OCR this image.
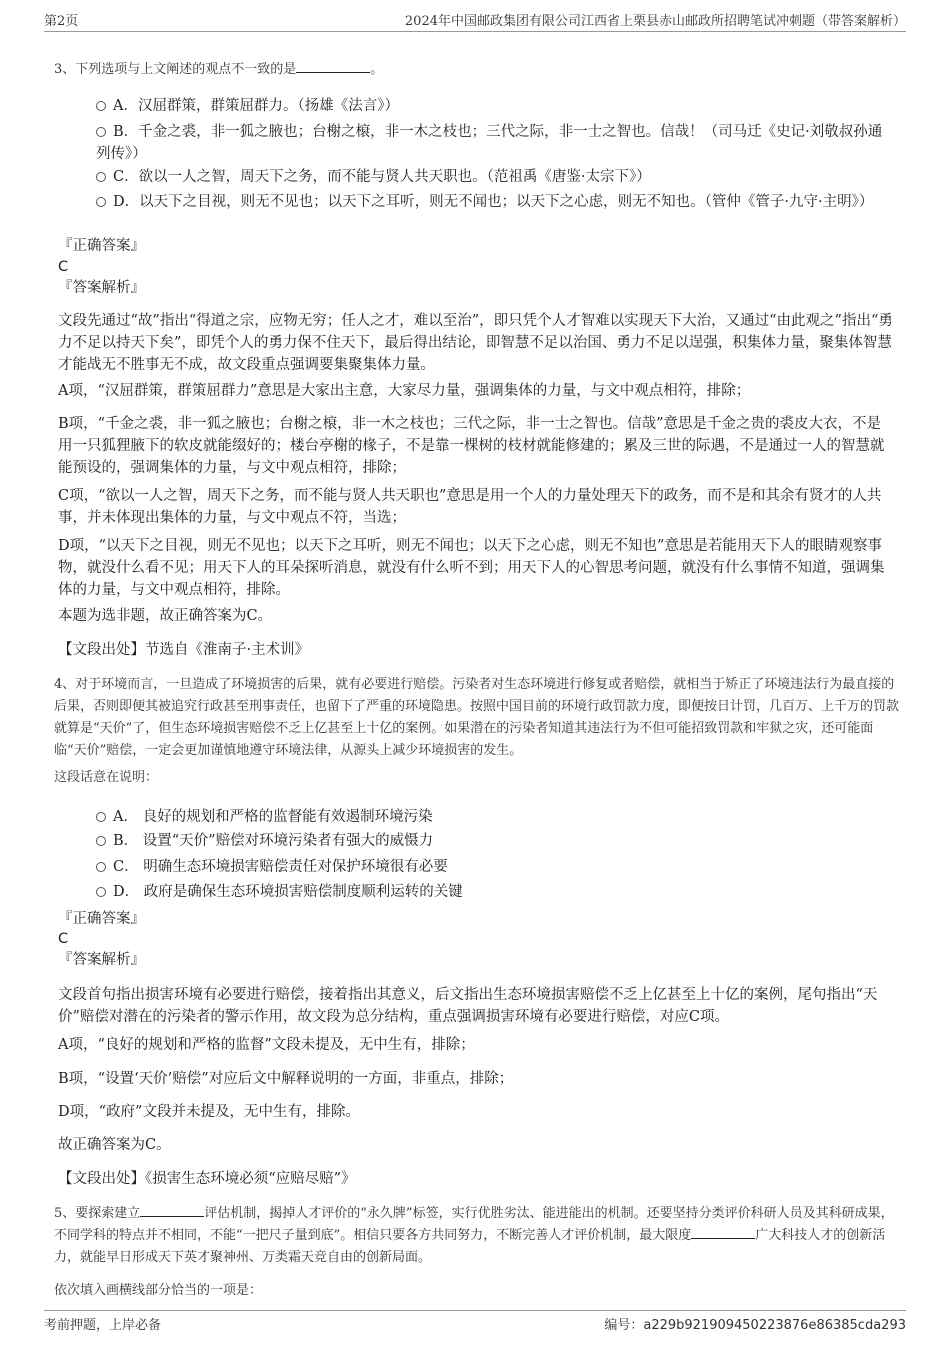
第2页	2024年中国邮政集团有限公司江西省上栗县赤山邮政所招聘笔试冲刺题（带答案解析）
3、下列选项与上文阐述的观点不一致的是	。
A．汉屈群策，群策屈群力。（扬雄《法言》）
B．千金之裘，非一狐之腋也；台榭之榱，非一木之枝也；三代之际，非一士之智也。信哉！（司马迁《史记·刘敬叔孙通列传》）
C．欲以一人之智，周天下之务，而不能与贤人共天职也。（范祖禹《唐鉴·太宗下》）
D．以天下之目视，则无不见也；以天下之耳听，则无不闻也；以天下之心虑，则无不知也。（管仲《管子·九守·主明》）
『正确答案』
C
『答案解析』
文段先通过“故”指出“得道之宗，应物无穷；任人之才，难以至治”，即只凭个人才智难以实现天下大治，又通过“由此观之”指出“勇力不足以持天下矣”，即凭个人的勇力保不住天下，最后得出结论，即智慧不足以治国、勇力不足以逞强，积集体力量，聚集体智慧才能战无不胜事无不成，故文段重点强调要集聚集体力量。
A项，“汉屈群策，群策屈群力”意思是大家出主意，大家尽力量，强调集体的力量，与文中观点相符，排除；
B项，“千金之裘，非一狐之腋也；台榭之榱，非一木之枝也；三代之际，非一士之智也。信哉”意思是千金之贵的裘皮大衣，不是用一只狐狸腋下的软皮就能缀好的；楼台亭榭的椽子，不是靠一棵树的枝材就能修建的；累及三世的际遇，不是通过一人的智慧就能预设的，强调集体的力量，与文中观点相符，排除；
C项，“欲以一人之智，周天下之务，而不能与贤人共天职也”意思是用一个人的力量处理天下的政务，而不是和其余有贤才的人共事，并未体现出集体的力量，与文中观点不符，当选；
D项，“以天下之目视，则无不见也；以天下之耳听，则无不闻也；以天下之心虑，则无不知也”意思是若能用天下人的眼睛观察事物，就没什么看不见；用天下人的耳朵探听消息，就没有什么听不到；用天下人的心智思考问题，就没有什么事情不知道，强调集体的力量，与文中观点相符，排除。
本题为选非题，故正确答案为C。
【文段出处】节选自《淮南子·主术训》
4、对于环境而言，一旦造成了环境损害的后果，就有必要进行赔偿。污染者对生态环境进行修复或者赔偿，就相当于矫正了环境违法行为最直接的后果，否则即便其被追究行政甚至刑事责任，也留下了严重的环境隐患。按照中国目前的环境行政罚款力度，即便按日计罚，几百万、上千万的罚款就算是“天价”了，但生态环境损害赔偿不乏上亿甚至上十亿的案例。如果潜在的污染者知道其违法行为不但可能招致罚款和牢狱之灾，还可能面临“天价”赔偿，一定会更加谨慎地遵守环境法律，从源头上减少环境损害的发生。
这段话意在说明：
A． 良好的规划和严格的监督能有效遏制环境污染
B． 设置“天价”赔偿对环境污染者有强大的威慑力
C． 明确生态环境损害赔偿责任对保护环境很有必要
D． 政府是确保生态环境损害赔偿制度顺利运转的关键
『正确答案』
C
『答案解析』
文段首句指出损害环境有必要进行赔偿，接着指出其意义，后文指出生态环境损害赔偿不乏上亿甚至上十亿的案例，尾句指出“天价”赔偿对潜在的污染者的警示作用，故文段为总分结构，重点强调损害环境有必要进行赔偿，对应C项。
A项，“良好的规划和严格的监督”文段未提及，无中生有，排除；
B项，“设置‘天价’赔偿”对应后文中解释说明的一方面，非重点，排除；
D项，“政府”文段并未提及，无中生有，排除。
故正确答案为C。
【文段出处】《损害生态环境必须“应赔尽赔”》
5、要探索建立	评估机制，揭掉人才评价的“永久牌”标签，实行优胜劣汰、能进能出的机制。还要坚持分类评价科研人员及其科研成果，不同学科的特点并不相同，不能“一把尺子量到底”。相信只要各方共同努力，不断完善人才评价机制，最大限度	广大科技人才的创新活力，就能早日形成天下英才聚神州、万类霜天竞自由的创新局面。
依次填入画横线部分恰当的一项是：
考前押题，上岸必备	编号：a229b921909450223876e86385cda293
